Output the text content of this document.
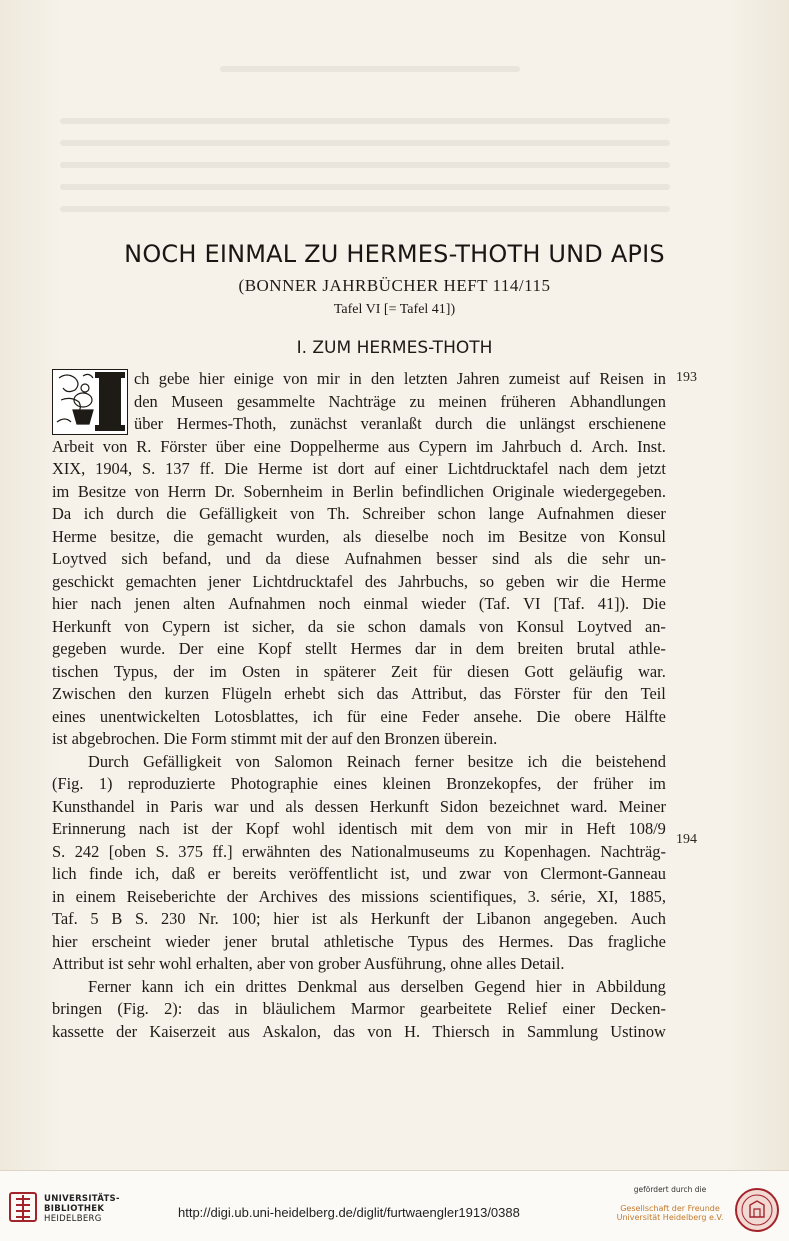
NOCH EINMAL ZU HERMES-THOTH UND APIS
(BONNER JAHRBÜCHER HEFT 114/115
Tafel VI [= Tafel 41])
I. ZUM HERMES-THOTH
ch gebe hier einige von mir in den letzten Jahren zumeist auf Reisen in
den Museen gesammelte Nachträge zu meinen früheren Abhandlungen
über Hermes-Thoth, zunächst veranlaßt durch die unlängst erschienene
Arbeit von R. Förster über eine Doppelherme aus Cypern im Jahrbuch d. Arch. Inst.
XIX, 1904, S. 137 ff. Die Herme ist dort auf einer Lichtdrucktafel nach dem jetzt
im Besitze von Herrn Dr. Sobernheim in Berlin befindlichen Originale wiedergegeben.
Da ich durch die Gefälligkeit von Th. Schreiber schon lange Aufnahmen dieser
Herme besitze, die gemacht wurden, als dieselbe noch im Besitze von Konsul
Loytved sich befand, und da diese Aufnahmen besser sind als die sehr un-
geschickt gemachten jener Lichtdrucktafel des Jahrbuchs, so geben wir die Herme
hier nach jenen alten Aufnahmen noch einmal wieder (Taf. VI [Taf. 41]). Die
Herkunft von Cypern ist sicher, da sie schon damals von Konsul Loytved an-
gegeben wurde. Der eine Kopf stellt Hermes dar in dem breiten brutal athle-
tischen Typus, der im Osten in späterer Zeit für diesen Gott geläufig war.
Zwischen den kurzen Flügeln erhebt sich das Attribut, das Förster für den Teil
eines unentwickelten Lotosblattes, ich für eine Feder ansehe. Die obere Hälfte
ist abgebrochen. Die Form stimmt mit der auf den Bronzen überein.
Durch Gefälligkeit von Salomon Reinach ferner besitze ich die beistehend
(Fig. 1) reproduzierte Photographie eines kleinen Bronzekopfes, der früher im
Kunsthandel in Paris war und als dessen Herkunft Sidon bezeichnet ward. Meiner
Erinnerung nach ist der Kopf wohl identisch mit dem von mir in Heft 108/9
S. 242 [oben S. 375 ff.] erwähnten des Nationalmuseums zu Kopenhagen. Nachträg-
lich finde ich, daß er bereits veröffentlicht ist, und zwar von Clermont-Ganneau
in einem Reiseberichte der Archives des missions scientifiques, 3. série, XI, 1885,
Taf. 5 B S. 230 Nr. 100; hier ist als Herkunft der Libanon angegeben. Auch
hier erscheint wieder jener brutal athletische Typus des Hermes. Das fragliche
Attribut ist sehr wohl erhalten, aber von grober Ausführung, ohne alles Detail.
Ferner kann ich ein drittes Denkmal aus derselben Gegend hier in Abbildung
bringen (Fig. 2): das in bläulichem Marmor gearbeitete Relief einer Decken-
kassette der Kaiserzeit aus Askalon, das von H. Thiersch in Sammlung Ustinow
193
194
UNIVERSITÄTS-
BIBLIOTHEK
HEIDELBERG	http://digi.ub.uni-heidelberg.de/diglit/furtwaengler1913/0388
gefördert durch die
Gesellschaft der Freunde
Universität Heidelberg e.V.
